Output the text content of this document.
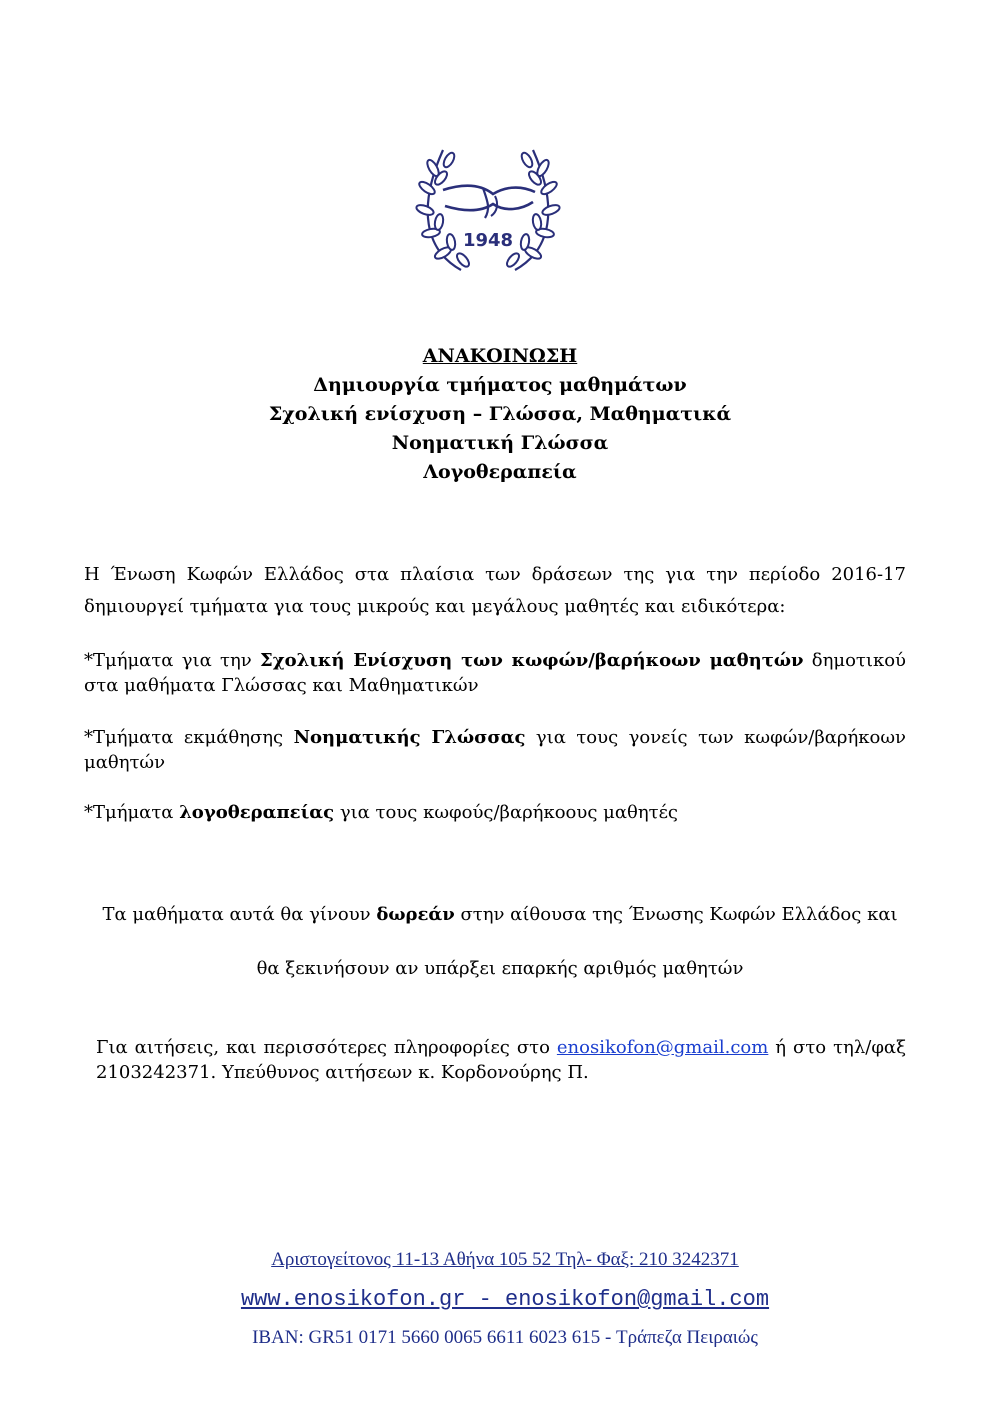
1948
ΑΝΑΚΟΙΝΩΣΗ
Δημιουργία τμήματος μαθημάτων
Σχολική ενίσχυση – Γλώσσα, Μαθηματικά
Νοηματική Γλώσσα
Λογοθεραπεία
Η Ένωση Κωφών Ελλάδος στα πλαίσια των δράσεων της για την περίοδο 2016-17
δημιουργεί τμήματα για τους μικρούς και μεγάλους μαθητές και ειδικότερα:
*Τμήματα για την Σχολική Ενίσχυση των κωφών/βαρήκοων μαθητών δημοτικού στα μαθήματα Γλώσσας και Μαθηματικών
*Τμήματα εκμάθησης Νοηματικής Γλώσσας για τους γονείς των κωφών/βαρήκοων μαθητών
*Τμήματα λογοθεραπείας για τους κωφούς/βαρήκοους μαθητές
Τα μαθήματα αυτά θα γίνουν δωρεάν στην αίθουσα της Ένωσης Κωφών Ελλάδος και
θα ξεκινήσουν αν υπάρξει επαρκής αριθμός μαθητών
Για αιτήσεις, και περισσότερες πληροφορίες στο enosikofon@gmail.com ή στο τηλ/φαξ 2103242371. Υπεύθυνος αιτήσεων κ. Κορδονούρης Π.
Αριστογείτονος 11-13 Αθήνα 105 52 Τηλ- Φαξ: 210 3242371
www.enosikofon.gr - enosikofon@gmail.com
IBAN: GR51 0171 5660 0065 6611 6023 615 - Τράπεζα Πειραιώς
